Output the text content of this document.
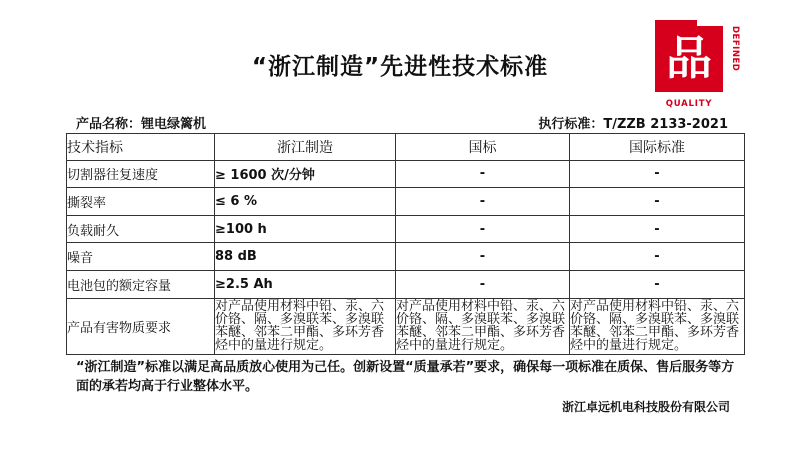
“浙江制造”先进性技术标准	品 DEFINED
QUALITY
产品名称：锂电绿篱机	执行标准：T/ZZB 2133-2021
技术指标	浙江制造	国标	国际标准
切割器往复速度	≥ 1600 次/分钟	-	-
撕裂率	≤ 6 %	-	-
负载耐久	≥100 h	-	-
噪音	88 dB	-	-
电池包的额定容量	≥2.5 Ah	-	-
产品有害物质要求	对产品使用材料中铅、汞、六价铬、隔、多溴联苯、多溴联苯醚、邻苯二甲酯、多环芳香烃中的量进行规定。	对产品使用材料中铅、汞、六价铬、隔、多溴联苯、多溴联苯醚、邻苯二甲酯、多环芳香烃中的量进行规定。	对产品使用材料中铅、汞、六价铬、隔、多溴联苯、多溴联苯醚、邻苯二甲酯、多环芳香烃中的量进行规定。

“浙江制造”标准以满足高品质放心使用为己任。创新设置“质量承若”要求，确保每一项标准在质保、售后服务等方面的承若均高于行业整体水平。

浙江卓远机电科技股份有限公司
